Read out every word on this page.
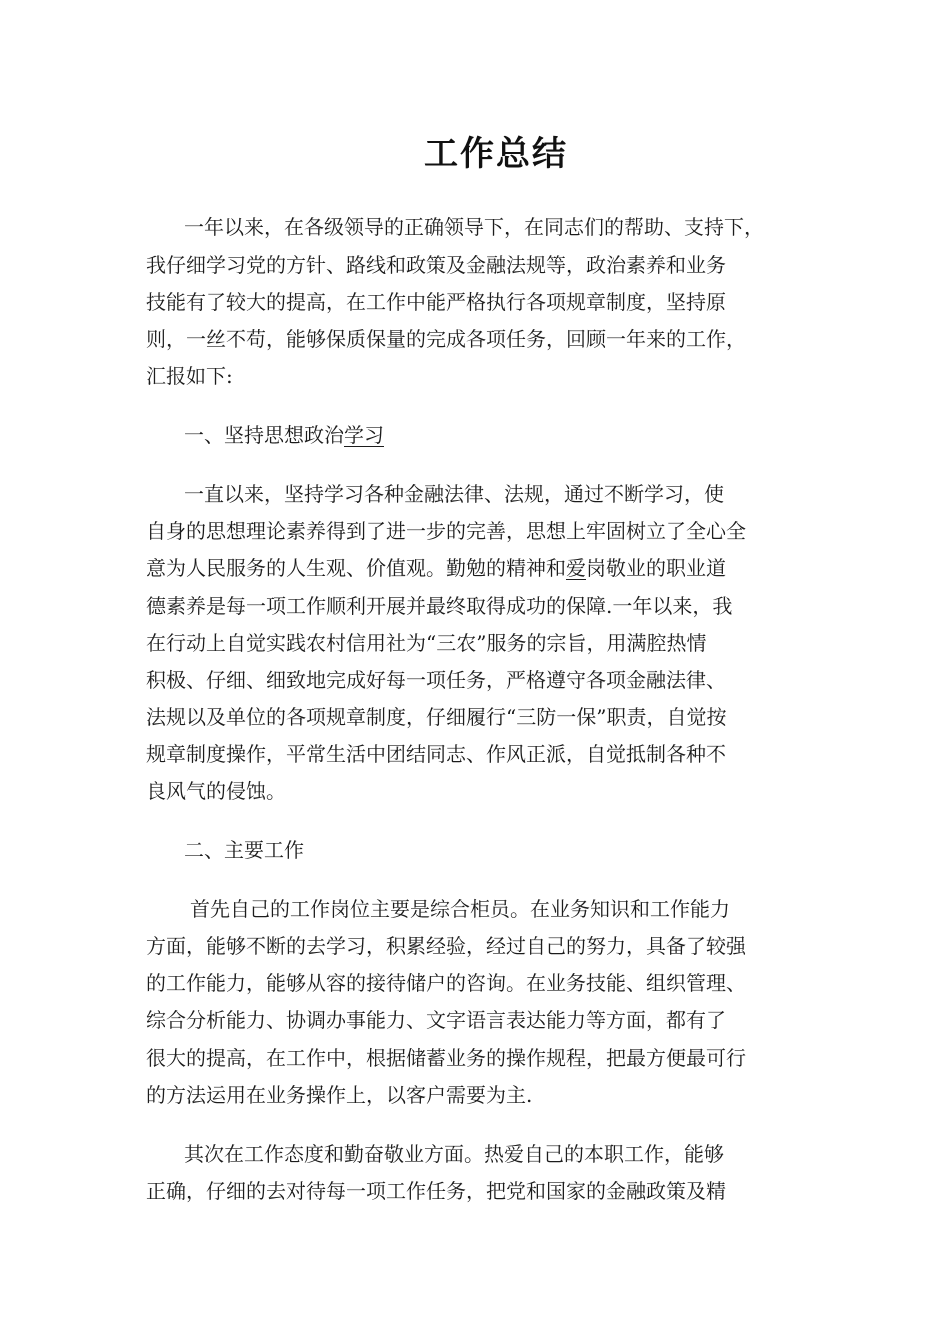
工作总结
一年以来，在各级领导的正确领导下，在同志们的帮助、支持下，
我仔细学习党的方针、路线和政策及金融法规等，政治素养和业务
技能有了较大的提高，在工作中能严格执行各项规章制度，坚持原
则，一丝不苟，能够保质保量的完成各项任务，回顾一年来的工作，
汇报如下:
一、坚持思想政治学习
一直以来，坚持学习各种金融法律、法规，通过不断学习，使
自身的思想理论素养得到了进一步的完善，思想上牢固树立了全心全
意为人民服务的人生观、价值观。勤勉的精神和爱岗敬业的职业道
德素养是每一项工作顺利开展并最终取得成功的保障.一年以来，我
在行动上自觉实践农村信用社为“三农”服务的宗旨，用满腔热情
积极、仔细、细致地完成好每一项任务，严格遵守各项金融法律、
法规以及单位的各项规章制度，仔细履行“三防一保”职责，自觉按
规章制度操作，平常生活中团结同志、作风正派，自觉抵制各种不
良风气的侵蚀。
二、主要工作
首先自己的工作岗位主要是综合柜员。在业务知识和工作能力
方面，能够不断的去学习，积累经验，经过自己的努力，具备了较强
的工作能力，能够从容的接待储户的咨询。在业务技能、组织管理、
综合分析能力、协调办事能力、文字语言表达能力等方面，都有了
很大的提高，在工作中，根据储蓄业务的操作规程，把最方便最可行
的方法运用在业务操作上，以客户需要为主.
其次在工作态度和勤奋敬业方面。热爱自己的本职工作，能够
正确，仔细的去对待每一项工作任务，把党和国家的金融政策及精
